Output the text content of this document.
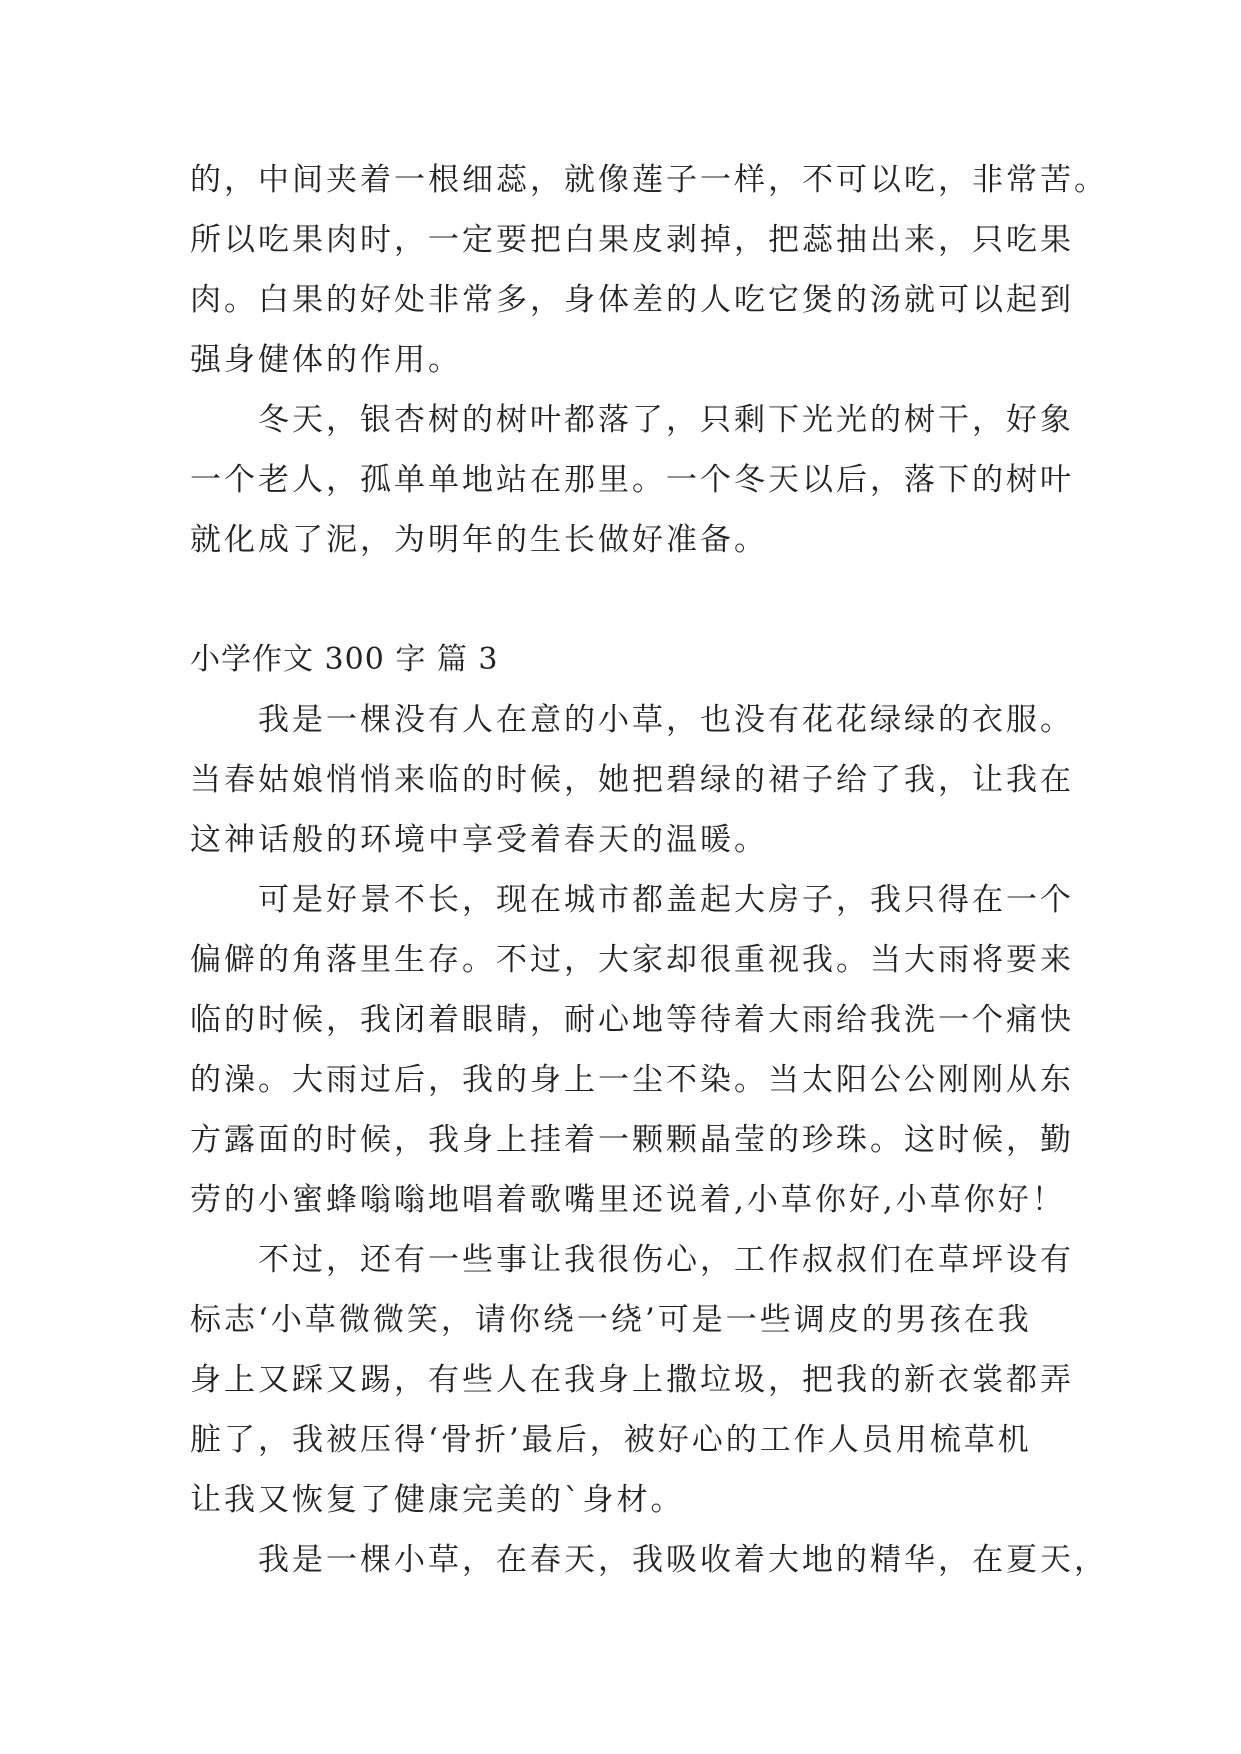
的，中间夹着一根细蕊，就像莲子一样，不可以吃，非常苦。
所以吃果肉时，一定要把白果皮剥掉，把蕊抽出来，只吃果
肉。白果的好处非常多，身体差的人吃它煲的汤就可以起到
强身健体的作用。
　　冬天，银杏树的树叶都落了，只剩下光光的树干，好象
一个老人，孤单单地站在那里。一个冬天以后，落下的树叶
就化成了泥，为明年的生长做好准备。
小学作文 300 字 篇 3
　　我是一棵没有人在意的小草，也没有花花绿绿的衣服。
当春姑娘悄悄来临的时候，她把碧绿的裙子给了我，让我在
这神话般的环境中享受着春天的温暖。
　　可是好景不长，现在城市都盖起大房子，我只得在一个
偏僻的角落里生存。不过，大家却很重视我。当大雨将要来
临的时候，我闭着眼睛，耐心地等待着大雨给我洗一个痛快
的澡。大雨过后，我的身上一尘不染。当太阳公公刚刚从东
方露面的时候，我身上挂着一颗颗晶莹的珍珠。这时候，勤
劳的小蜜蜂嗡嗡地唱着歌嘴里还说着,小草你好,小草你好！
　　不过，还有一些事让我很伤心，工作叔叔们在草坪设有
标志‘小草微微笑，请你绕一绕’可是一些调皮的男孩在我
身上又踩又踢，有些人在我身上撒垃圾，把我的新衣裳都弄
脏了，我被压得‘骨折’最后，被好心的工作人员用梳草机
让我又恢复了健康完美的`身材。
　　我是一棵小草，在春天，我吸收着大地的精华，在夏天，
